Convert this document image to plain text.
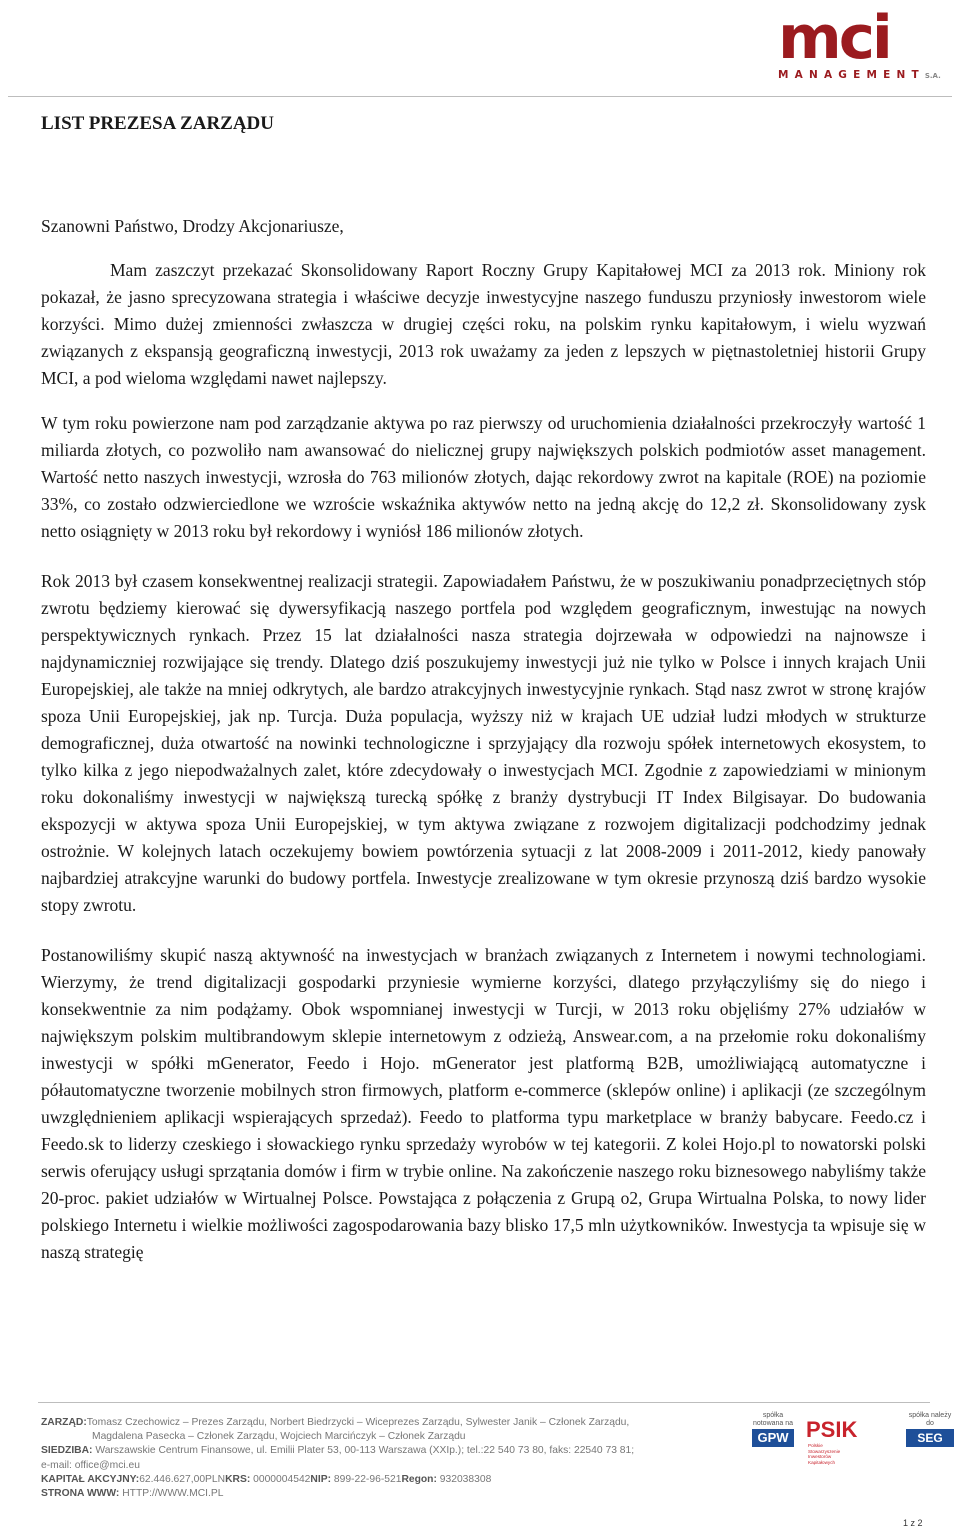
mci
MANAGEMENTS.A.
LIST PREZESA ZARZĄDU

Szanowni Państwo, Drodzy Akcjonariusze,

Mam zaszczyt przekazać Skonsolidowany Raport Roczny Grupy Kapitałowej MCI za 2013 rok. Miniony rok pokazał, że jasno sprecyzowana strategia i właściwe decyzje inwestycyjne naszego funduszu przyniosły inwestorom wiele korzyści. Mimo dużej zmienności zwłaszcza w drugiej części roku, na polskim rynku kapitałowym, i wielu wyzwań związanych z ekspansją geograficzną inwestycji, 2013 rok uważamy za jeden z lepszych w piętnastoletniej historii Grupy MCI, a pod wieloma względami nawet najlepszy.

W tym roku powierzone nam pod zarządzanie aktywa po raz pierwszy od uruchomienia działalności przekroczyły wartość 1 miliarda złotych, co pozwoliło nam awansować do nielicznej grupy największych polskich podmiotów asset management. Wartość netto naszych inwestycji, wzrosła do 763 milionów złotych, dając rekordowy zwrot na kapitale (ROE) na poziomie 33%, co zostało odzwierciedlone we wzroście wskaźnika aktywów netto na jedną akcję do 12,2 zł. Skonsolidowany zysk netto osiągnięty w 2013 roku był rekordowy i wyniósł 186 milionów złotych.

Rok 2013 był czasem konsekwentnej realizacji strategii. Zapowiadałem Państwu, że w poszukiwaniu ponadprzeciętnych stóp zwrotu będziemy kierować się dywersyfikacją naszego portfela pod względem geograficznym, inwestując na nowych perspektywicznych rynkach. Przez 15 lat działalności nasza strategia dojrzewała w odpowiedzi na najnowsze i najdynamiczniej rozwijające się trendy. Dlatego dziś poszukujemy inwestycji już nie tylko w Polsce i innych krajach Unii Europejskiej, ale także na mniej odkrytych, ale bardzo atrakcyjnych inwestycyjnie rynkach. Stąd nasz zwrot w stronę krajów spoza Unii Europejskiej, jak np. Turcja. Duża populacja, wyższy niż w krajach UE udział ludzi młodych w strukturze demograficznej, duża otwartość na nowinki technologiczne i sprzyjający dla rozwoju spółek internetowych ekosystem, to tylko kilka z jego niepodważalnych zalet, które zdecydowały o inwestycjach MCI. Zgodnie z zapowiedziami w minionym roku dokonaliśmy inwestycji w największą turecką spółkę z branży dystrybucji IT Index Bilgisayar. Do budowania ekspozycji w aktywa spoza Unii Europejskiej, w tym aktywa związane z rozwojem digitalizacji podchodzimy jednak ostrożnie. W kolejnych latach oczekujemy bowiem powtórzenia sytuacji z lat 2008-2009 i 2011-2012, kiedy panowały najbardziej atrakcyjne warunki do budowy portfela. Inwestycje zrealizowane w tym okresie przynoszą dziś bardzo wysokie stopy zwrotu.

Postanowiliśmy skupić naszą aktywność na inwestycjach w branżach związanych z Internetem i nowymi technologiami. Wierzymy, że trend digitalizacji gospodarki przyniesie wymierne korzyści, dlatego przyłączyliśmy się do niego i konsekwentnie za nim podążamy. Obok wspomnianej inwestycji w Turcji, w 2013 roku objęliśmy 27% udziałów w największym polskim multibrandowym sklepie internetowym z odzieżą, Answear.com, a na przełomie roku dokonaliśmy inwestycji w spółki mGenerator, Feedo i Hojo. mGenerator jest platformą B2B, umożliwiającą automatyczne i półautomatyczne tworzenie mobilnych stron firmowych, platform e-commerce (sklepów online) i aplikacji (ze szczególnym uwzględnieniem aplikacji wspierających sprzedaż). Feedo to platforma typu marketplace w branży babycare. Feedo.cz i Feedo.sk to liderzy czeskiego i słowackiego rynku sprzedaży wyrobów w tej kategorii. Z kolei Hojo.pl to nowatorski polski serwis oferujący usługi sprzątania domów i firm w trybie online. Na zakończenie naszego roku biznesowego nabyliśmy także 20-proc. pakiet udziałów w Wirtualnej Polsce. Powstająca z połączenia z Grupą o2, Grupa Wirtualna Polska, to nowy lider polskiego Internetu i wielkie możliwości zagospodarowania bazy blisko 17,5 mln użytkowników. Inwestycja ta wpisuje się w naszą strategię

ZARZĄD:Tomasz Czechowicz – Prezes Zarządu, Norbert Biedrzycki – Wiceprezes Zarządu, Sylwester Janik – Członek Zarządu,
Magdalena Pasecka – Członek Zarządu, Wojciech Marcińczyk – Członek Zarządu
SIEDZIBA: Warszawskie Centrum Finansowe, ul. Emilii Plater 53, 00-113 Warszawa (XXIp.); tel.:22 540 73 80, faks: 22540 73 81;
e-mail: office@mci.eu
KAPITAŁ AKCYJNY:62.446.627,00PLNKRS: 0000004542NIP: 899-22-96-521Regon: 932038308
STRONA WWW: HTTP://WWW.MCI.PL
spółka notowana na
GPW PSIKPolskie Stowarzyszenie Inwestorów Kapitałowych
spółka należy do
SEG
1 z 2
